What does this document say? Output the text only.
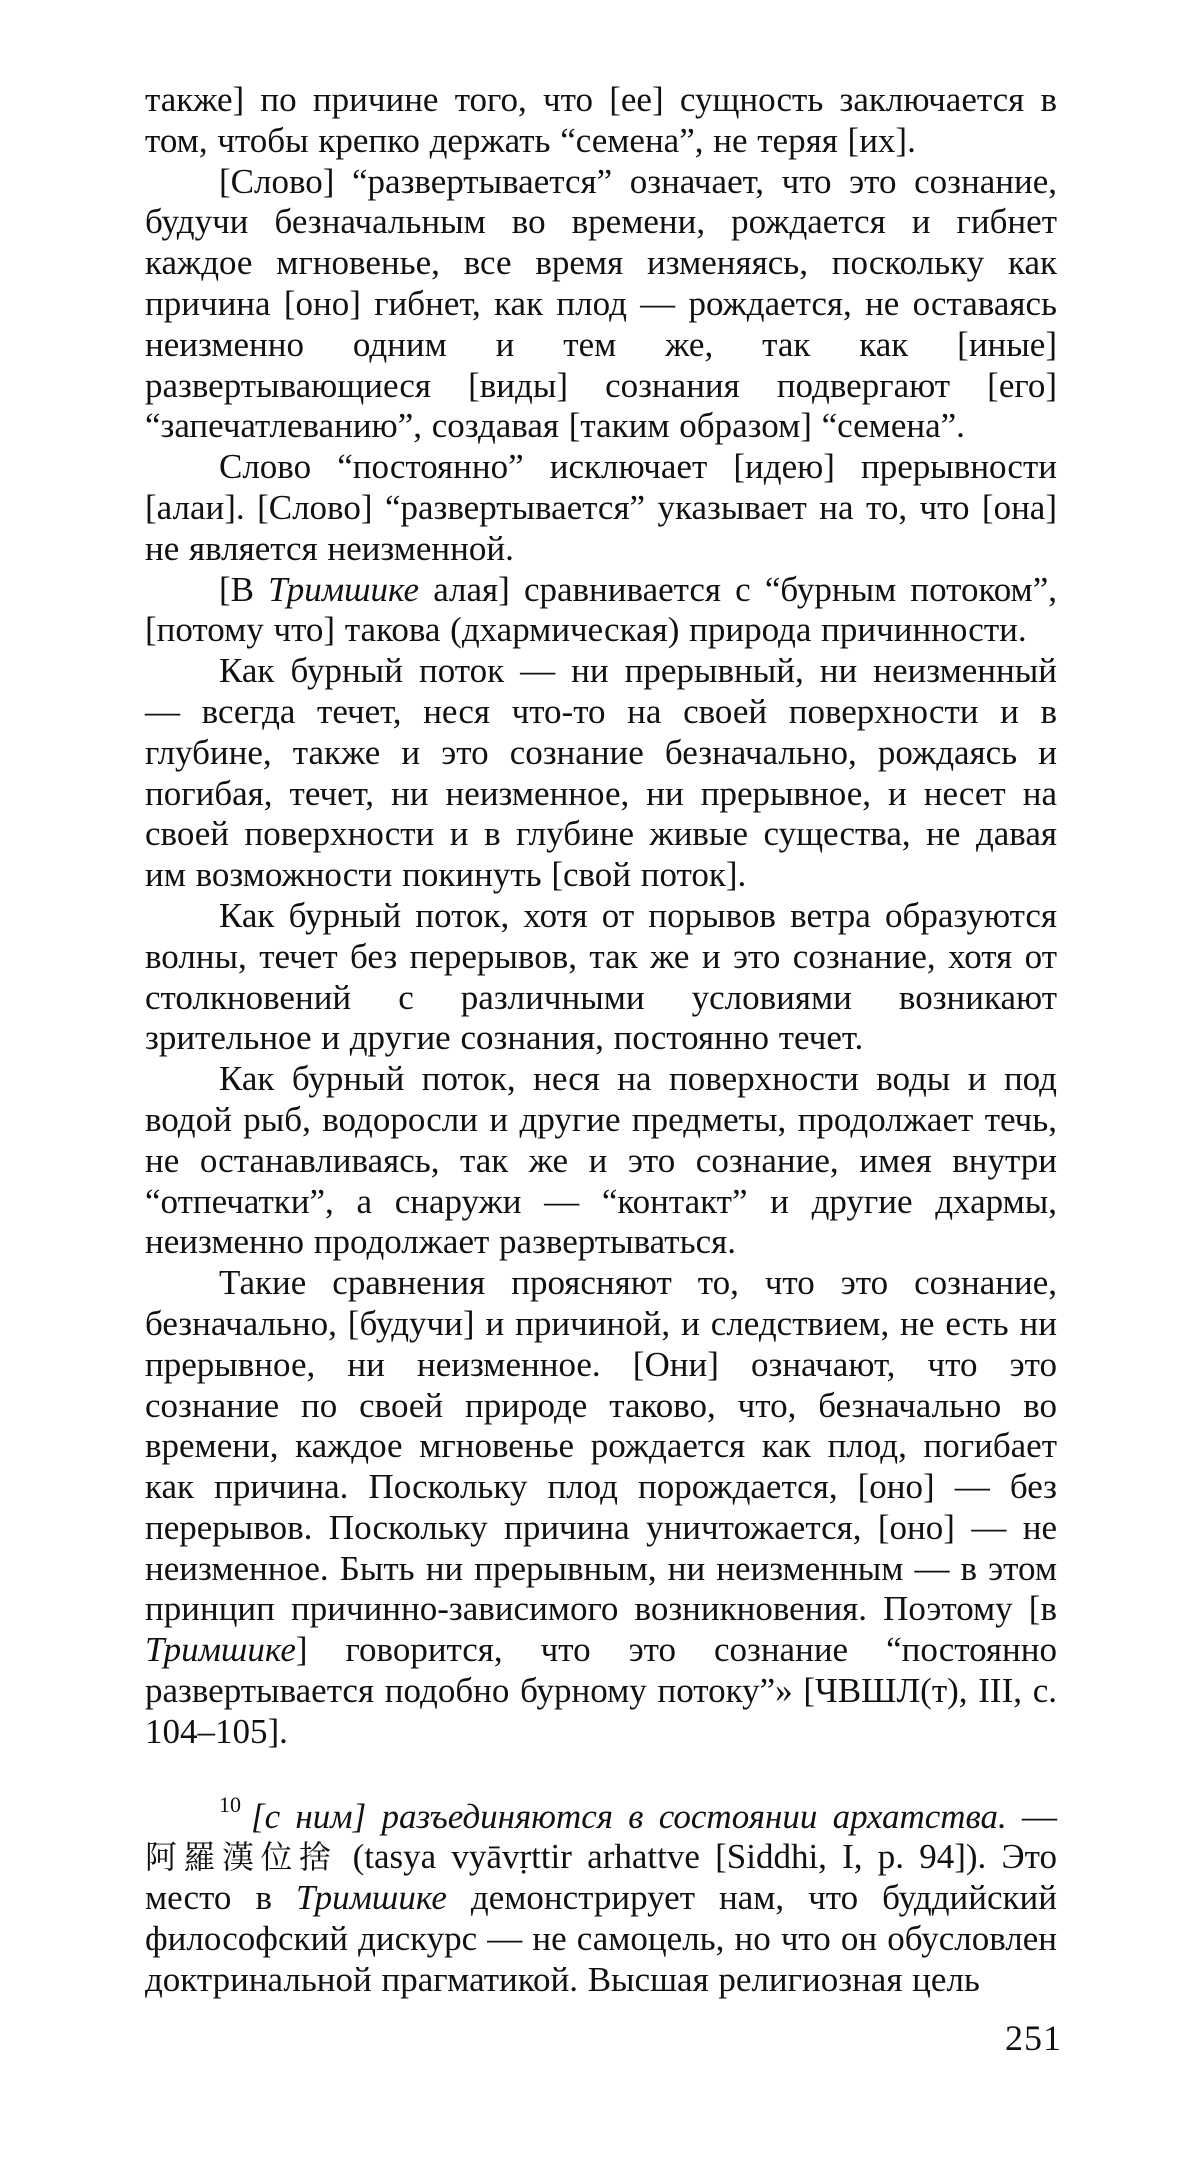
также] по причине того, что [ее] сущность заключается в том, чтобы крепко держать “семена”, не теряя [их].

[Слово] “развертывается” означает, что это сознание, будучи безначальным во времени, рождается и гибнет каждое мгновенье, все время изменяясь, поскольку как причина [оно] гибнет, как плод — рождается, не оставаясь неизменно одним и тем же, так как [иные] развертывающиеся [виды] сознания подвергают [его] “запечатлеванию”, создавая [таким образом] “семена”.

Слово “постоянно” исключает [идею] прерывности [алаи]. [Слово] “развертывается” указывает на то, что [она] не является неизменной.

[В Тримшике алая] сравнивается с “бурным потоком”, [потому что] такова (дхармическая) природа причинности.

Как бурный поток — ни прерывный, ни неизменный — всегда течет, неся что-то на своей поверхности и в глубине, также и это сознание безначально, рождаясь и погибая, течет, ни неизменное, ни прерывное, и несет на своей поверхности и в глубине живые существа, не давая им возможности покинуть [свой поток].

Как бурный поток, хотя от порывов ветра образуются волны, течет без перерывов, так же и это сознание, хотя от столкновений с различными условиями возникают зрительное и другие сознания, постоянно течет.

Как бурный поток, неся на поверхности воды и под водой рыб, водоросли и другие предметы, продолжает течь, не останавливаясь, так же и это сознание, имея внутри “отпечатки”, а снаружи — “контакт” и другие дхармы, неизменно продолжает развертываться.

Такие сравнения проясняют то, что это сознание, безначально, [будучи] и причиной, и следствием, не есть ни прерывное, ни неизменное. [Они] означают, что это сознание по своей природе таково, что, безначально во времени, каждое мгновенье рождается как плод, погибает как причина. Поскольку плод порождается, [оно] — без перерывов. Поскольку причина уничтожается, [оно] — не неизменное. Быть ни прерывным, ни неизменным — в этом принцип причинно-зависимого возникновения. Поэтому [в Тримшике] говорится, что это сознание “постоянно развертывается подобно бурному потоку”» [ЧВШЛ(т), III, с. 104–105].

$^{10}$ [с ним] разъединяются в состоянии архатства. — 阿羅漢位捨 (tasya vyāvṛttir arhattve [Siddhi, I, p. 94]). Это место в Тримшике демонстрирует нам, что буддийский философский дискурс — не самоцель, но что он обусловлен доктринальной прагматикой. Высшая религиозная цель

251
